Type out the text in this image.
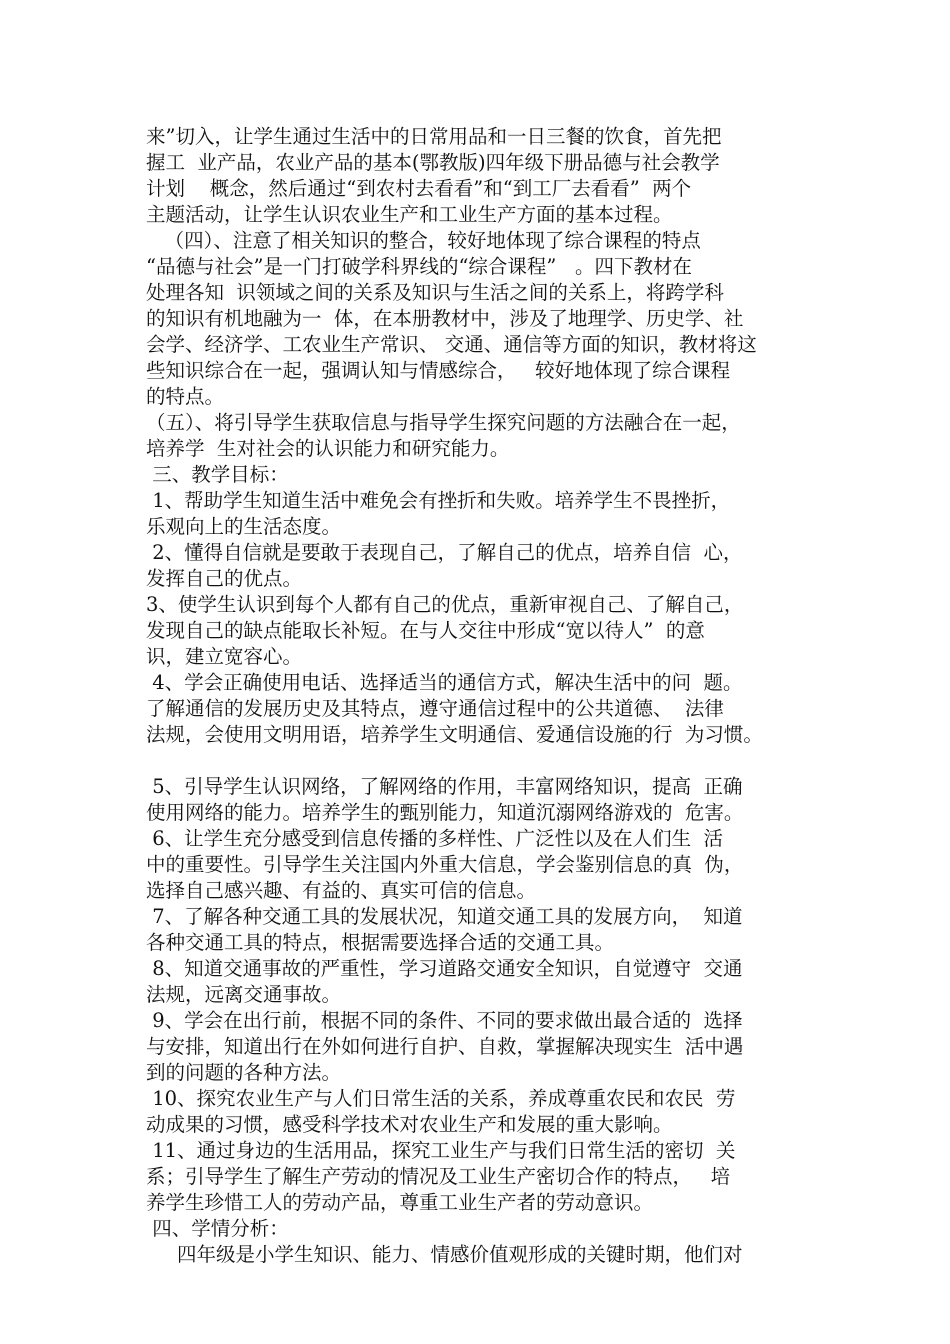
来”切入，让学生通过生活中的日常用品和一日三餐的饮食，首先把
握工  业产品，农业产品的基本(鄂教版)四年级下册品德与社会教学
计划    概念，然后通过“到农村去看看”和“到工厂去看看”  两个
主题活动，让学生认识农业生产和工业生产方面的基本过程。
（四）、注意了相关知识的整合，较好地体现了综合课程的特点
“品德与社会”是一门打破学科界线的“综合课程”   。四下教材在
处理各知  识领域之间的关系及知识与生活之间的关系上，将跨学科
的知识有机地融为一  体，在本册教材中，涉及了地理学、历史学、社
会学、经济学、工农业生产常识、 交通、通信等方面的知识，教材将这
些知识综合在一起，强调认知与情感综合，   较好地体现了综合课程
的特点。
（五）、将引导学生获取信息与指导学生探究问题的方法融合在一起，
培养学  生对社会的认识能力和研究能力。
三、教学目标：
1、帮助学生知道生活中难免会有挫折和失败。培养学生不畏挫折，
乐观向上的生活态度。
2、懂得自信就是要敢于表现自己，了解自己的优点，培养自信  心，
发挥自己的优点。
3、使学生认识到每个人都有自己的优点，重新审视自己、了解自己，
发现自己的缺点能取长补短。在与人交往中形成“宽以待人”  的意
识，建立宽容心。
4、学会正确使用电话、选择适当的通信方式，解决生活中的问  题。
了解通信的发展历史及其特点，遵守通信过程中的公共道德、  法律
法规，会使用文明用语，培养学生文明通信、爱通信设施的行  为习惯。
5、引导学生认识网络，了解网络的作用，丰富网络知识，提高  正确
使用网络的能力。培养学生的甄别能力，知道沉溺网络游戏的  危害。
6、让学生充分感受到信息传播的多样性、广泛性以及在人们生  活
中的重要性。引导学生关注国内外重大信息，学会鉴别信息的真  伪，
选择自己感兴趣、有益的、真实可信的信息。
7、了解各种交通工具的发展状况，知道交通工具的发展方向，  知道
各种交通工具的特点，根据需要选择合适的交通工具。
8、知道交通事故的严重性，学习道路交通安全知识，自觉遵守  交通
法规，远离交通事故。
9、学会在出行前，根据不同的条件、不同的要求做出最合适的  选择
与安排，知道出行在外如何进行自护、自救，掌握解决现实生  活中遇
到的问题的各种方法。
10、探究农业生产与人们日常生活的关系，养成尊重农民和农民  劳
动成果的习惯，感受科学技术对农业生产和发展的重大影响。
11、通过身边的生活用品，探究工业生产与我们日常生活的密切  关
系；引导学生了解生产劳动的情况及工业生产密切合作的特点，   培
养学生珍惜工人的劳动产品，尊重工业生产者的劳动意识。
四、学情分析：
四年级是小学生知识、能力、情感价值观形成的关键时期，他们对
